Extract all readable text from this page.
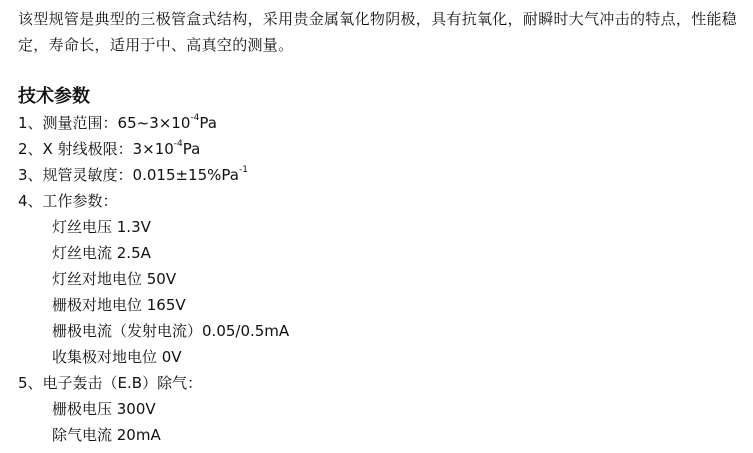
该型规管是典型的三极管盒式结构，采用贵金属氧化物阴极，具有抗氧化，耐瞬时大气冲击的特点，性能稳定，寿命长，适用于中、高真空的测量。

技术参数
1、测量范围：$65\sim 3\times 10^{-4}Pa$
2、X 射线极限：$3\times 10^{-4}Pa$
3、规管灵敏度：$0.015\pm 15\%Pa^{-1}$
4、工作参数：
灯丝电压 1.3V
灯丝电流 2.5A
灯丝对地电位 50V
栅极对地电位 165V
栅极电流（发射电流）0.05/0.5mA
收集极对地电位 0V
5、电子轰击（E.B）除气：
栅极电压 300V
除气电流 20mA
